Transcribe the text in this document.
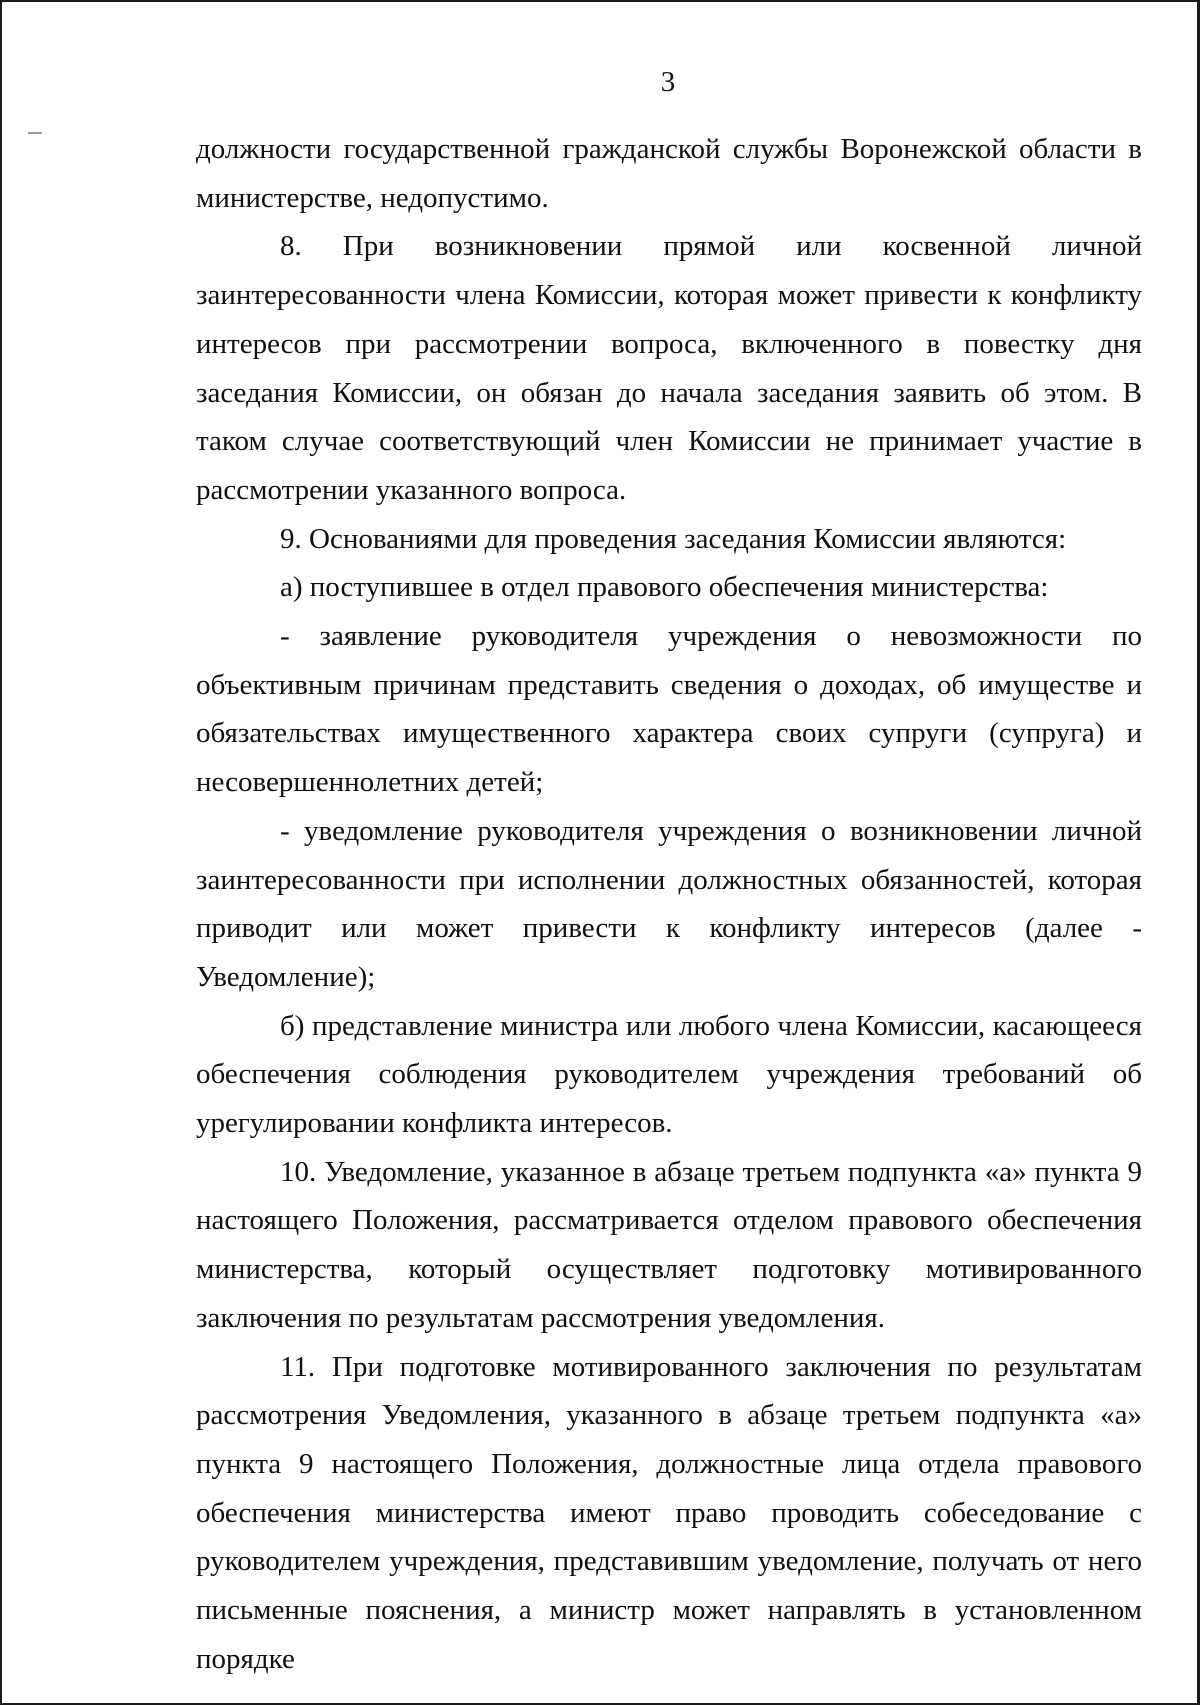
3

должности государственной гражданской службы Воронежской области в министерстве, недопустимо.

8. При возникновении прямой или косвенной личной заинтересованности члена Комиссии, которая может привести к конфликту интересов при рассмотрении вопроса, включенного в повестку дня заседания Комиссии, он обязан до начала заседания заявить об этом. В таком случае соответствующий член Комиссии не принимает участие в рассмотрении указанного вопроса.

9. Основаниями для проведения заседания Комиссии являются:

а) поступившее в отдел правового обеспечения министерства:

- заявление руководителя учреждения о невозможности по объективным причинам представить сведения о доходах, об имуществе и обязательствах имущественного характера своих супруги (супруга) и несовершеннолетних детей;

- уведомление руководителя учреждения о возникновении личной заинтересованности при исполнении должностных обязанностей, которая приводит или может привести к конфликту интересов (далее - Уведомление);

б) представление министра или любого члена Комиссии, касающееся обеспечения соблюдения руководителем учреждения требований об урегулировании конфликта интересов.

10. Уведомление, указанное в абзаце третьем подпункта «а» пункта 9 настоящего Положения, рассматривается отделом правового обеспечения министерства, который осуществляет подготовку мотивированного заключения по результатам рассмотрения уведомления.

11. При подготовке мотивированного заключения по результатам рассмотрения Уведомления, указанного в абзаце третьем подпункта «а» пункта 9 настоящего Положения, должностные лица отдела правового обеспечения министерства имеют право проводить собеседование с руководителем учреждения, представившим уведомление, получать от него письменные пояснения, а министр может направлять в установленном порядке
